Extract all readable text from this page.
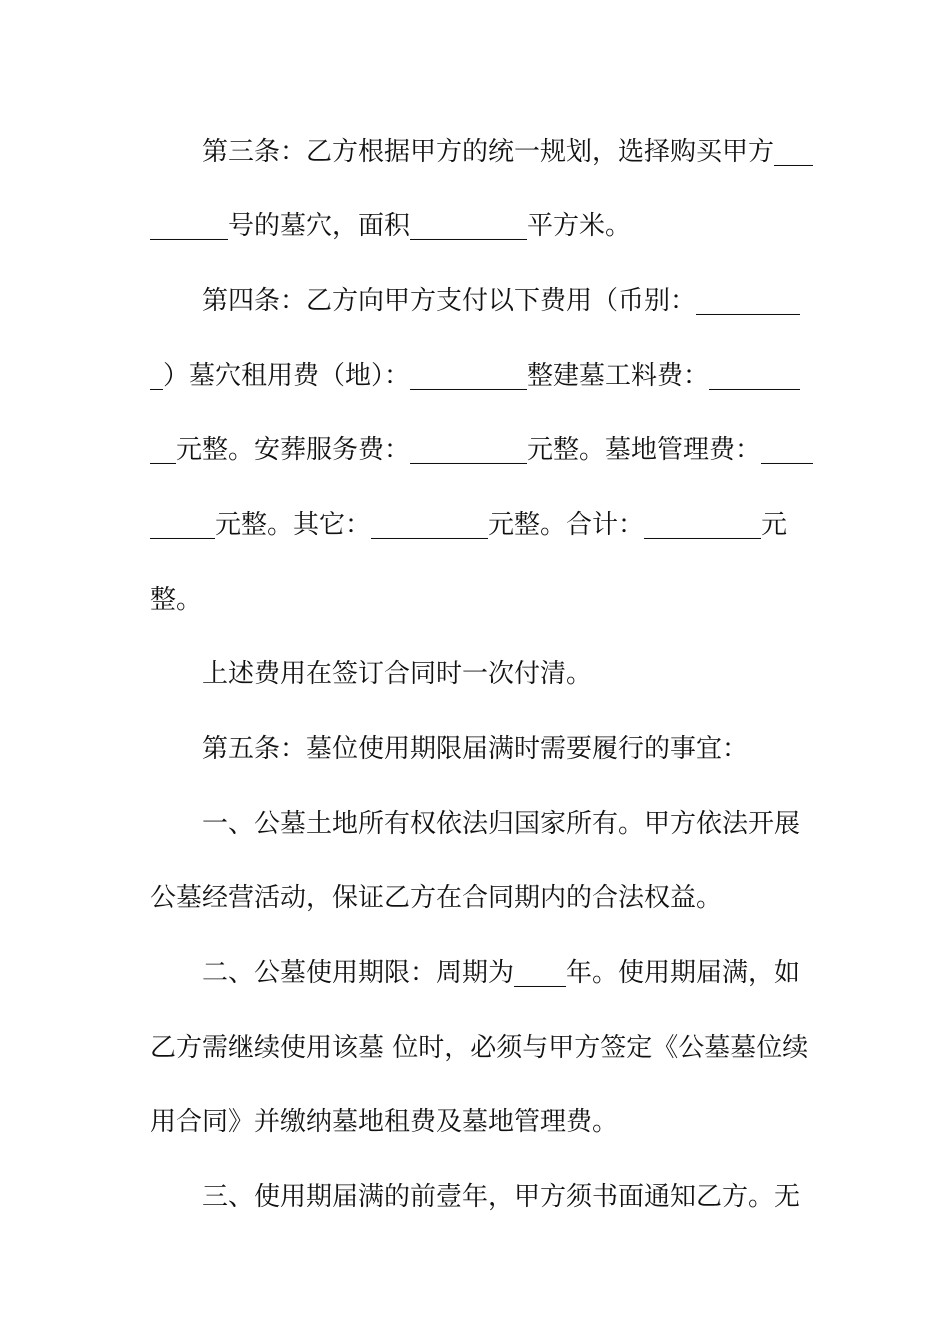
　　第三条：乙方根据甲方的统一规划，选择购买甲方___
______号的墓穴，面积_________平方米。
　　第四条：乙方向甲方支付以下费用（币别：________
_）墓穴租用费（地）：_________整建墓工料费：_______
__元整。安葬服务费：_________元整。墓地管理费：____
_____元整。其它：_________元整。合计：_________元
整。
　　上述费用在签订合同时一次付清。
　　第五条：墓位使用期限届满时需要履行的事宜：
　　一、公墓土地所有权依法归国家所有。甲方依法开展
公墓经营活动，保证乙方在合同期内的合法权益。
　　二、公墓使用期限：周期为____年。使用期届满，如
乙方需继续使用该墓 位时，必须与甲方签定《公墓墓位续
用合同》并缴纳墓地租费及墓地管理费。
　　三、使用期届满的前壹年，甲方须书面通知乙方。无
